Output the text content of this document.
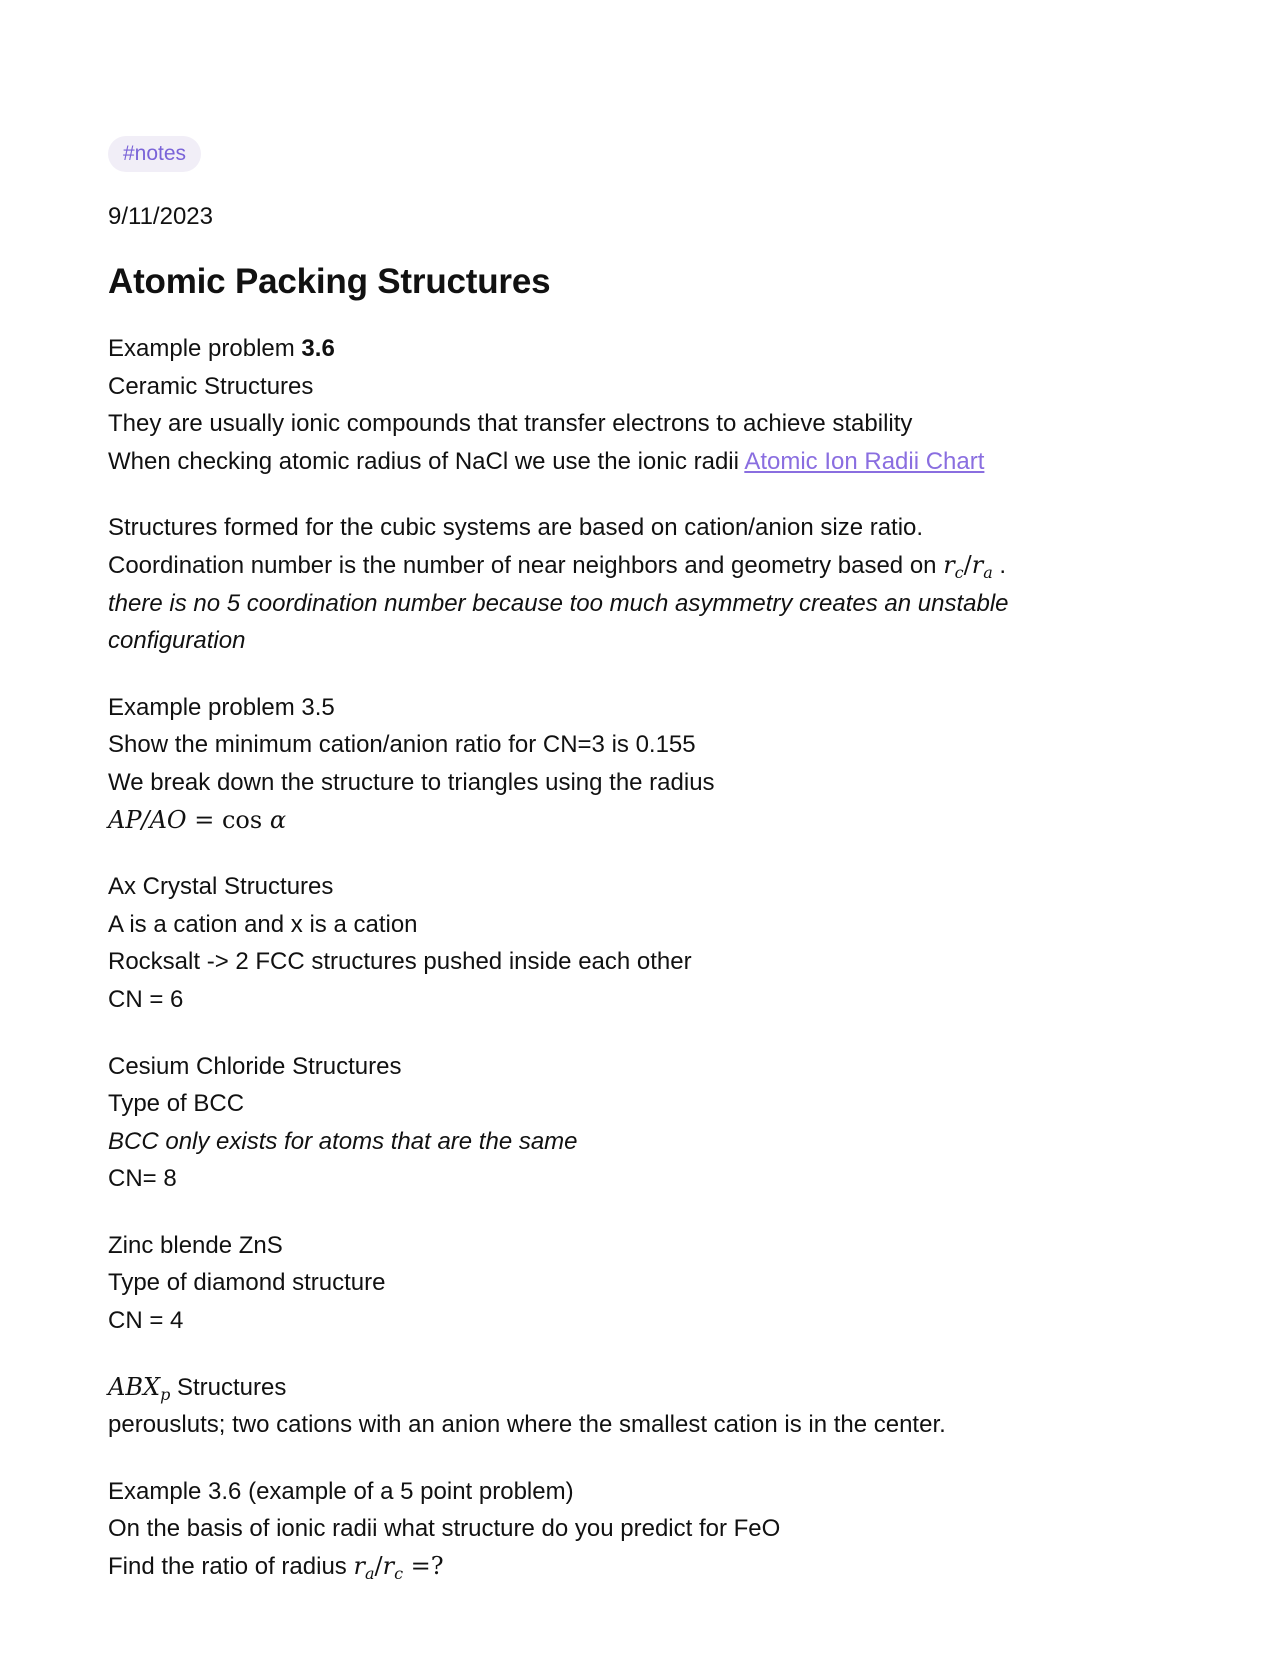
#notes
9/11/2023
Atomic Packing Structures
Example problem 3.6
Ceramic Structures
They are usually ionic compounds that transfer electrons to achieve stability
When checking atomic radius of NaCl we use the ionic radii Atomic Ion Radii Chart
Structures formed for the cubic systems are based on cation/anion size ratio.
Coordination number is the number of near neighbors and geometry based on $r_c/r_a$ .
there is no 5 coordination number because too much asymmetry creates an unstable configuration
Example problem 3.5
Show the minimum cation/anion ratio for CN=3 is 0.155
We break down the structure to triangles using the radius
AP/AO = cos α
Ax Crystal Structures
A is a cation and x is a cation
Rocksalt -> 2 FCC structures pushed inside each other
CN = 6
Cesium Chloride Structures
Type of BCC
BCC only exists for atoms that are the same
CN= 8
Zinc blende ZnS
Type of diamond structure
CN = 4
$ABX_p$ Structures
perousluts; two cations with an anion where the smallest cation is in the center.
Example 3.6 (example of a 5 point problem)
On the basis of ionic radii what structure do you predict for FeO
Find the ratio of radius $r_a/r_c$ =?
